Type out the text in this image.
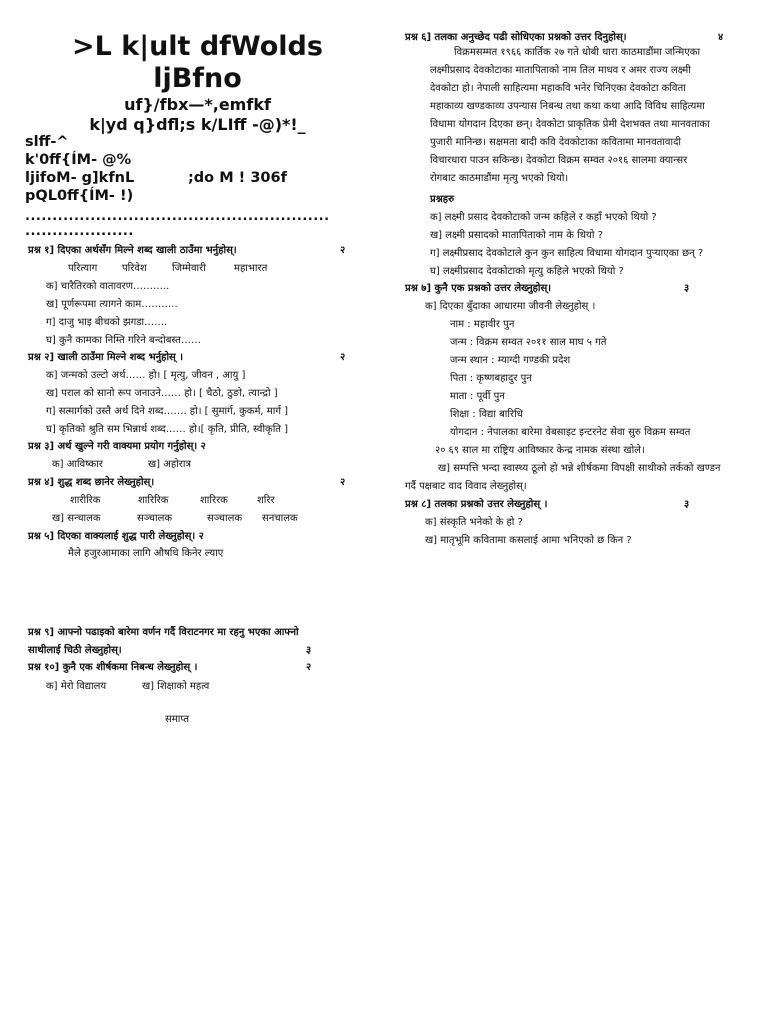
>L k|ult dfWolds
ljBfno
uf}/fbx—*,emfkf
k|yd q}dfl;s k/LIff -@)*!_
slff-^
k'0ff{ÍM- @%
ljifoM- g]kfnL	;do M ! 306f
pQL0ff{ÍM- !)
........................................................
....................
प्रश्न १] दिएका अर्थसँग मिल्ने शब्द खाली ठाउँमा भर्नुहोस्।	२
परित्याग परिवेश	जिम्मेवारी	महाभारत
क] चारैतिरको वातावरण………..
ख] पूर्णरूपमा त्यागने काम………..
ग] दाजु भाइ बीचको झगडा…….
घ] कुनै कामका निम्ति गरिने बन्दोबस्त……
प्रश्न २] खाली ठाउँमा मिल्ने शब्द भर्नुहोस् ।	२
क] जन्मको उल्टो अर्थ…… हो। [ मृत्यु, जीवन , आयु ]
ख] पराल को सानो रूप जनाउने…… हो। [ चैठो, ठुङो, त्यान्द्रो ]
ग] सत्मार्गको उस्तै अर्थ दिने शब्द……. हो। [ सुमार्ग, कुकर्म, मार्ग ]
घ] कृतिको श्रुति सम भिन्नार्थ शब्द…… हो।[ कृति, प्रीति, स्वीकृति ]
प्रश्न ३] अर्थ खुल्ने गरी वाक्यमा प्रयोग गर्नुहोस्। २
क] आविष्कार	ख] अहोरात्र
प्रश्न ४] शुद्ध शब्द छानेर लेख्नुहोस्।	२
शारीरिक	शारिरिक	शारिरक	शरिर
ख] सन्चालक	सञ्चालक	सञ्चालक सनचालक
प्रश्न ५] दिएका वाक्यलाई शुद्ध पारी लेख्नुहोस्। २
मैले हजुरआमाका लागि औषधि किनेर ल्याए
प्रश्न ९] आफ्नो पढाइको बारेमा वर्णन गर्दै विराटनगर मा रहनु भएका आफ्नो
साथीलाई चिठी लेख्नुहोस्।	३
प्रश्न १०] कुनै एक शीर्षकमा निबन्ध लेख्नुहोस् ।	२
क] मेरो विद्यालय	ख] शिक्षाको महत्व
समाप्त
प्रश्न ६] तलका अनुच्छेद पढी सोधिएका प्रश्नको उत्तर दिनुहोस्।	४
विक्रमसम्मत १९६६ कार्तिक २७ गते धोबी धारा काठमाडौंमा जन्मिएका
लक्ष्मीप्रसाद देवकोटाका मातापिताको नाम तिल माधव र अमर राज्य लक्ष्मी
देवकोटा हो। नेपाली साहित्यमा महाकवि भनेर चिनिएका देवकोटा कविता
महाकाव्य खण्डकाव्य उपन्यास निबन्ध तथा कथा कथा आदि विविध साहित्यमा
विधामा योगदान दिएका छन्। देवकोटा प्राकृतिक प्रेमी देशभक्त तथा मानवताका
पुजारी मानिन्छ। सक्षमता बादी कवि देवकोटाका कवितामा मानवतावादी
विचारधारा पाउन सकिन्छ। देवकोटा विक्रम सम्वत २०१६ सालमा क्यान्सर
रोगबाट काठमाडौंमा मृत्यु भएको थियो।
प्रश्नहरु
क] लक्ष्मी प्रसाद देवकोटाको जन्म कहिले र कहाँ भएको थियो ?
ख] लक्ष्मी प्रसादको मातापिताको नाम के थियो ?
ग] लक्ष्मीप्रसाद देवकोटाले कुन कुन साहित्य विधामा योगदान पुऱ्याएका छन् ?
घ] लक्ष्मीप्रसाद देवकोटाको मृत्यु कहिले भएको थियो ?
प्रश्न ७] कुनै एक प्रश्नको उत्तर लेख्नुहोस्।	३
क] दिएका बुँदाका आधारमा जीवनी लेख्नुहोस् ।
नाम : महावीर पुन
जन्म : विक्रम सम्वत २०११ साल माघ ५ गते
जन्म स्थान : म्याग्दी गण्डकी प्रदेश
पिता : कृष्णबहादुर पुन
माता : पूर्वी पुन
शिक्षा : विद्या बारिधि
योगदान : नेपालका बारेमा वेबसाइट इन्टरनेट सेवा सुरु विक्रम सम्वत
२० ६९ साल मा राष्ट्रिय आविष्कार केन्द्र नामक संस्था खोले।
ख] सम्पत्ति भन्दा स्वास्थ्य ठूलो हो भन्ने शीर्षकमा विपक्षी साथीको तर्कको खण्डन
गर्दै पक्षबाट वाद विवाद लेख्नुहोस्।
प्रश्न ८] तलका प्रश्नको उत्तर लेख्नुहोस् ।	३
क] संस्कृति भनेको के हो ?
ख] मातृभूमि कवितामा कसलाई आमा भनिएको छ किन ?
